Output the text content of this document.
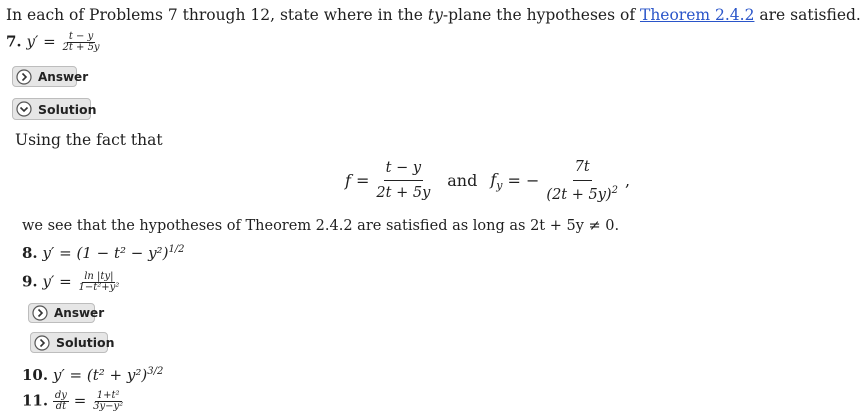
In each of Problems 7 through 12, state where in the ty-plane the hypotheses of Theorem 2.4.2 are satisfied.
7. $y' = \frac{t - y}{2t + 5y}$
Answer
Solution
Using the fact that
$f = \frac{t - y}{2t + 5y}$ and $f_y$ = − $\frac{7t}{(2t + 5y)^2}$ ,
we see that the hypotheses of Theorem 2.4.2 are satisfied as long as 2t + 5y ≠ 0.
8. $y' = (1 - t^2 - y^2)^{1/2}$
9. $y' = \frac{\ln |ty|}{\text{1−t²+y²}}$
Answer
Solution
10. $y' = (t^2 + y^2)^{3/2}$
11. $\frac{dy}{dt} = \frac{\text{1+t²}}{\text{3y−y²}}$
